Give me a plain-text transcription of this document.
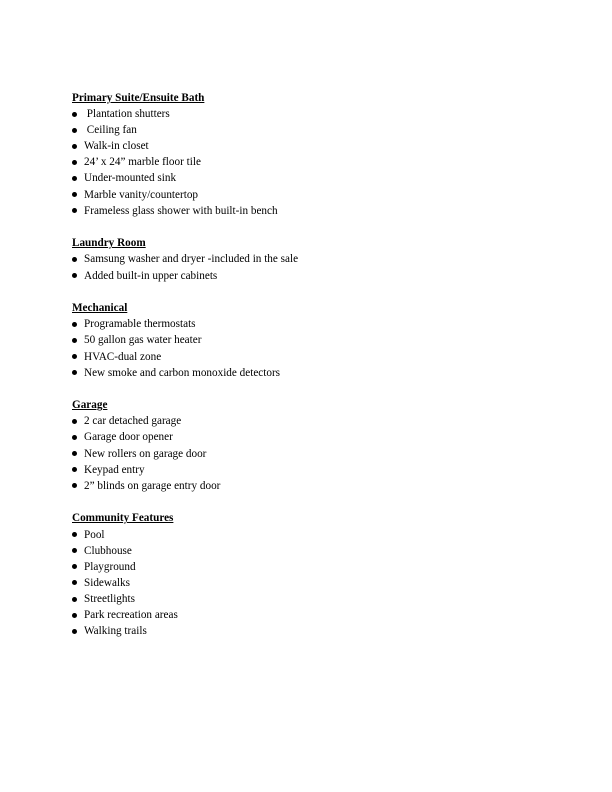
Primary Suite/Ensuite Bath
Plantation shutters
Ceiling fan
Walk-in closet
24’ x 24” marble floor tile
Under-mounted sink
Marble vanity/countertop
Frameless glass shower with built-in bench
Laundry Room
Samsung washer and dryer -included in the sale
Added built-in upper cabinets
Mechanical
Programable thermostats
50 gallon gas water heater
HVAC-dual zone
New smoke and carbon monoxide detectors
Garage
2 car detached garage
Garage door opener
New rollers on garage door
Keypad entry
2” blinds on garage entry door
Community Features
Pool
Clubhouse
Playground
Sidewalks
Streetlights
Park recreation areas
Walking trails
